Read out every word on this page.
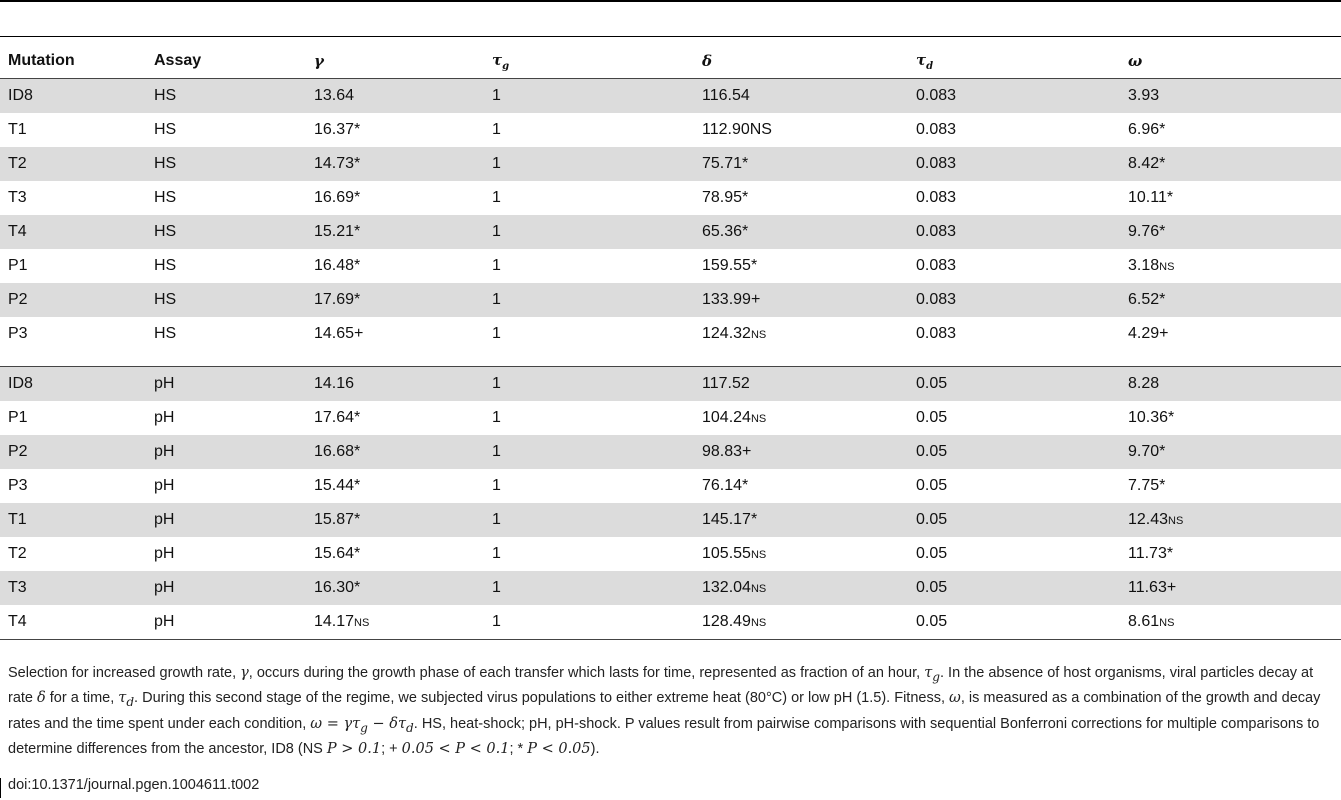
Mutation	Assay	γ	$\tau_g$	δ	$\tau_d$	ω
ID8	HS	13.64	1	116.54	0.083	3.93
T1	HS	16.37*	1	112.90NS	0.083	6.96*
T2	HS	14.73*	1	75.71*	0.083	8.42*
T3	HS	16.69*	1	78.95*	0.083	10.11*
T4	HS	15.21*	1	65.36*	0.083	9.76*
P1	HS	16.48*	1	159.55*	0.083	3.18NS
P2	HS	17.69*	1	133.99+	0.083	6.52*
P3	HS	14.65+	1	124.32NS	0.083	4.29+

ID8	pH	14.16	1	117.52	0.05	8.28
P1	pH	17.64*	1	104.24NS	0.05	10.36*
P2	pH	16.68*	1	98.83+	0.05	9.70*
P3	pH	15.44*	1	76.14*	0.05	7.75*
T1	pH	15.87*	1	145.17*	0.05	12.43NS
T2	pH	15.64*	1	105.55NS	0.05	11.73*
T3	pH	16.30*	1	132.04NS	0.05	11.63+
T4	pH	14.17NS	1	128.49NS	0.05	8.61NS
Selection for increased growth rate, γ, occurs during the growth phase of each transfer which lasts for time, represented as fraction of an hour, $\tau_g$. In the absence of host organisms, viral particles decay at rate δ for a time, $\tau_d$. During this second stage of the regime, we subjected virus populations to either extreme heat (80°C) or low pH (1.5). Fitness, ω, is measured as a combination of the growth and decay rates and the time spent under each condition, $\omega = \gamma\tau_g - \delta\tau_d$. HS, heat-shock; pH, pH-shock. P values result from pairwise comparisons with sequential Bonferroni corrections for multiple comparisons to determine differences from the ancestor, ID8 (NS P > 0.1; + 0.05 < P < 0.1; * P < 0.05).
doi:10.1371/journal.pgen.1004611.t002
